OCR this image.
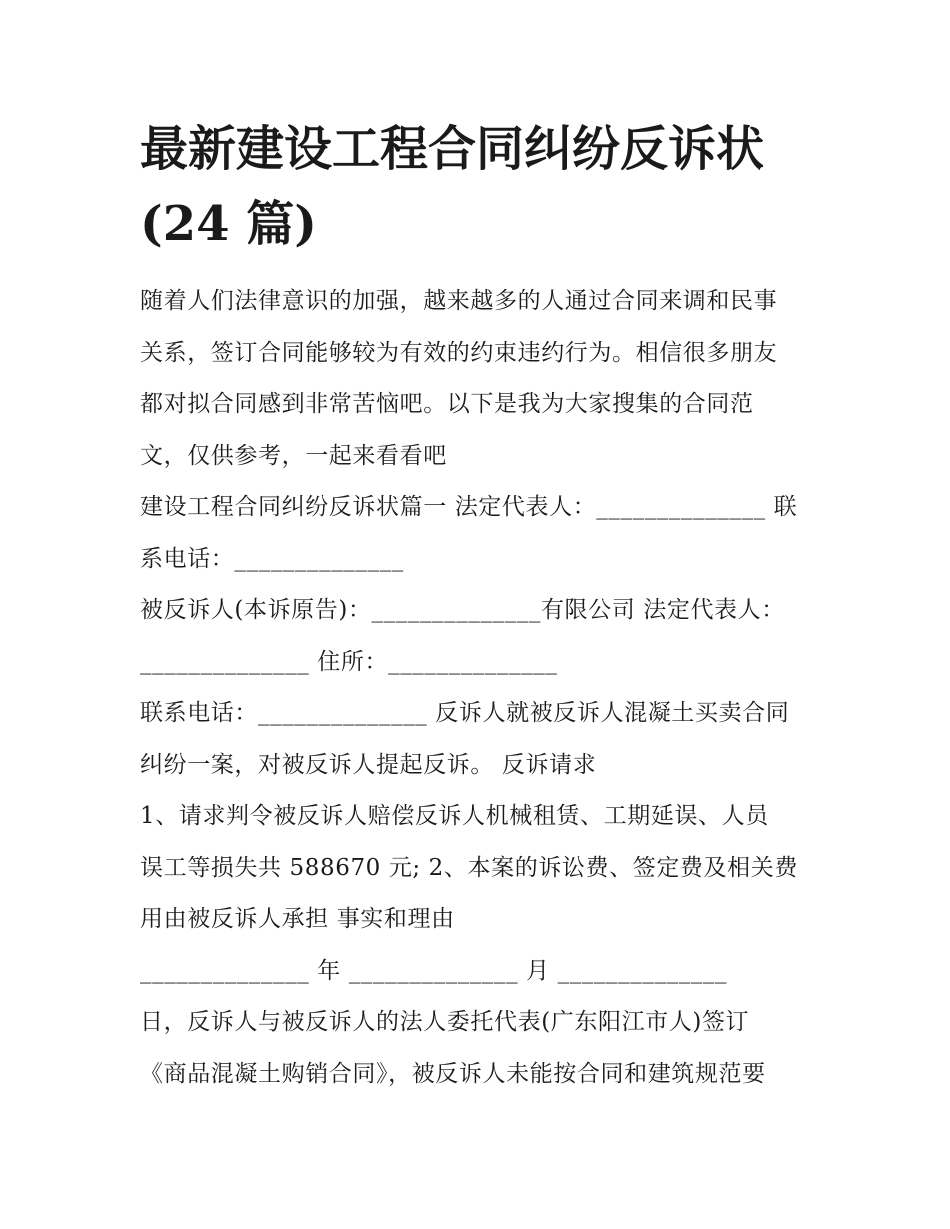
最新建设工程合同纠纷反诉状
(24 篇)

随着人们法律意识的加强，越来越多的人通过合同来调和民事

关系，签订合同能够较为有效的约束违约行为。相信很多朋友

都对拟合同感到非常苦恼吧。以下是我为大家搜集的合同范

文，仅供参考，一起来看看吧

建设工程合同纠纷反诉状篇一 法定代表人：______________ 联

系电话：______________

被反诉人(本诉原告)：______________有限公司 法定代表人：

______________ 住所：______________

联系电话：______________ 反诉人就被反诉人混凝土买卖合同

纠纷一案，对被反诉人提起反诉。 反诉请求

1、请求判令被反诉人赔偿反诉人机械租赁、工期延误、人员

误工等损失共 588670 元; 2、本案的诉讼费、签定费及相关费

用由被反诉人承担 事实和理由

______________ 年 ______________ 月 ______________

日，反诉人与被反诉人的法人委托代表(广东阳江市人)签订

《商品混凝土购销合同》，被反诉人未能按合同和建筑规范要
